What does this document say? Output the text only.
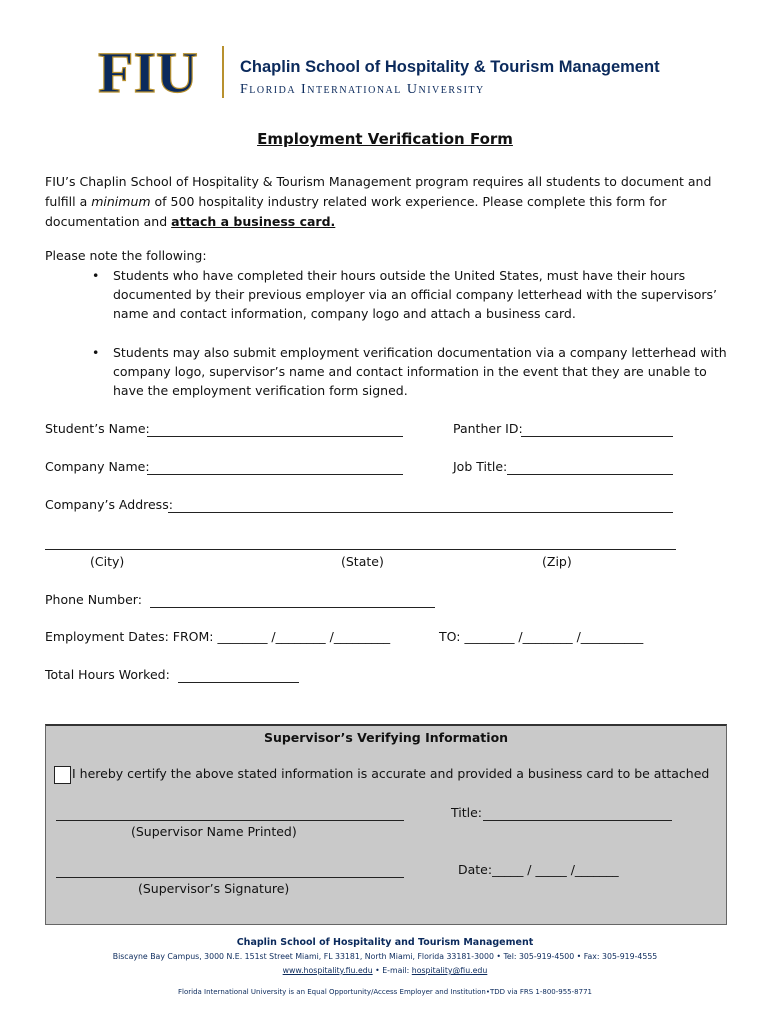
FIU	Chaplin School of Hospitality & Tourism Management
Florida International University
Employment Verification Form
FIU’s Chaplin School of Hospitality & Tourism Management program requires all students to document and fulfill a minimum of 500 hospitality industry related work experience. Please complete this form for documentation and attach a business card.
Please note the following:
• Students who have completed their hours outside the United States, must have their hours documented by their previous employer via an official company letterhead with the supervisors’ name and contact information, company logo and attach a business card.
• Students may also submit employment verification documentation via a company letterhead with company logo, supervisor’s name and contact information in the event that they are unable to have the employment verification form signed.
Student’s Name:	Panther ID:
Company Name:	Job Title:
Company’s Address:
(City)	(State)	(Zip)
Phone Number:
Employment Dates: FROM: ________ /________ /_________	TO: ________ /________ /__________
Total Hours Worked:
Supervisor’s Verifying Information
I hereby certify the above stated information is accurate and provided a business card to be attached
Title:
(Supervisor Name Printed)
Date:_____ / _____ /_______
(Supervisor’s Signature)
Chaplin School of Hospitality and Tourism Management
Biscayne Bay Campus, 3000 N.E. 151st Street Miami, FL 33181, North Miami, Florida 33181-3000 • Tel: 305-919-4500 • Fax: 305-919-4555
www.hospitality.fiu.edu • E-mail: hospitality@fiu.edu
Florida International University is an Equal Opportunity/Access Employer and Institution•TDD via FRS 1-800-955-8771
